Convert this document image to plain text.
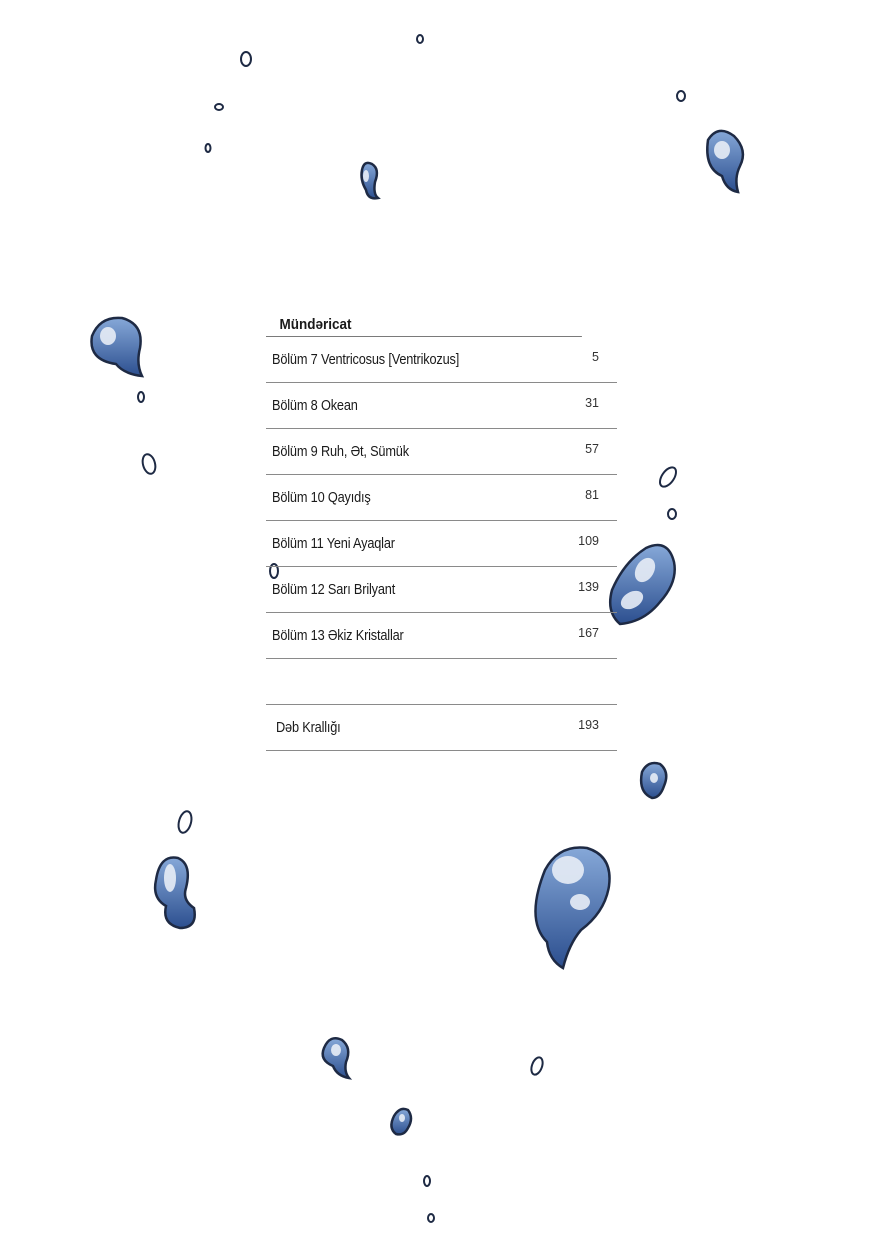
Mündəricat
Bölüm 7 Ventricosus [Ventrikozus]	5
Bölüm 8 Okean	31
Bölüm 9 Ruh, Ət, Sümük	57
Bölüm 10 Qayıdış	81
Bölüm 11 Yeni Ayaqlar	109
Bölüm 12 Sarı Brilyant	139
Bölüm 13 Əkiz Kristallar	167
Dəb Krallığı	193
